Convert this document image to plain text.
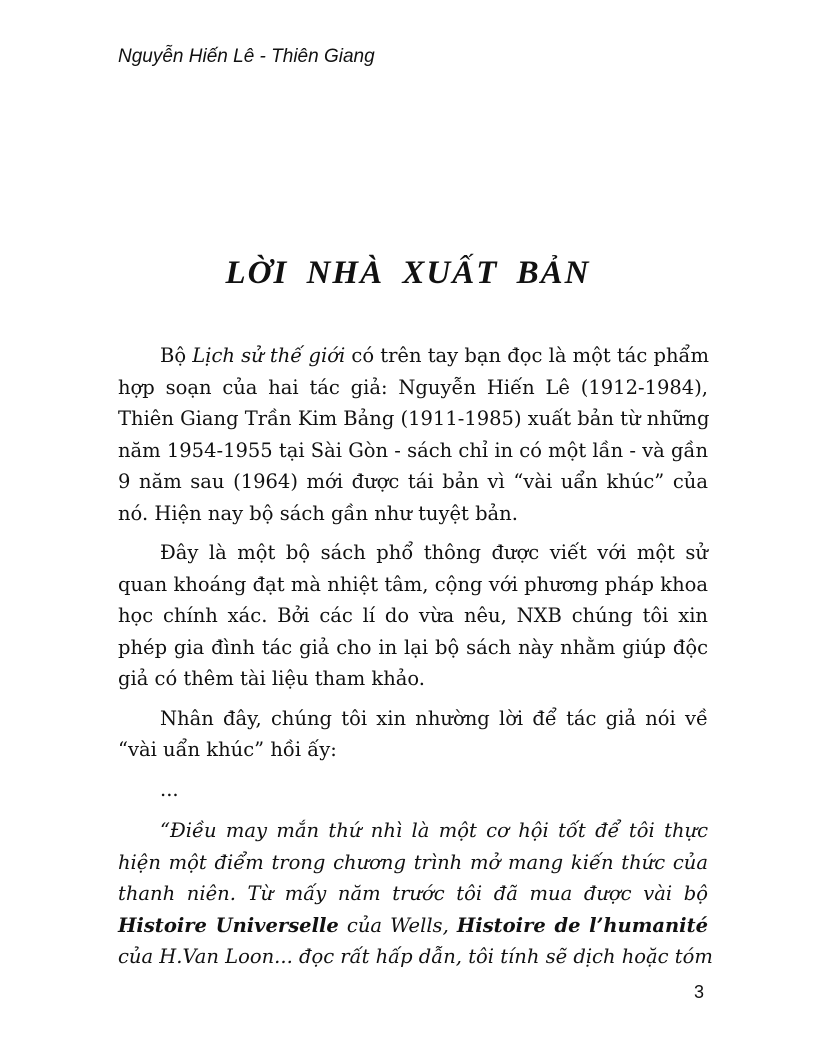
Nguyễn Hiến Lê - Thiên Giang
LỜI NHÀ XUẤT BẢN
Bộ Lịch sử thế giới có trên tay bạn đọc là một tác phẩm
hợp soạn của hai tác giả: Nguyễn Hiến Lê (1912-1984),
Thiên Giang Trần Kim Bảng (1911-1985) xuất bản từ những
năm 1954-1955 tại Sài Gòn - sách chỉ in có một lần - và gần
9 năm sau (1964) mới được tái bản vì “vài uẩn khúc” của
nó. Hiện nay bộ sách gần như tuyệt bản.
Đây là một bộ sách phổ thông được viết với một sử
quan khoáng đạt mà nhiệt tâm, cộng với phương pháp khoa
học chính xác. Bởi các lí do vừa nêu, NXB chúng tôi xin
phép gia đình tác giả cho in lại bộ sách này nhằm giúp độc
giả có thêm tài liệu tham khảo.
Nhân đây, chúng tôi xin nhường lời để tác giả nói về
“vài uẩn khúc” hồi ấy:
...
“Điều may mắn thứ nhì là một cơ hội tốt để tôi thực
hiện một điểm trong chương trình mở mang kiến thức của
thanh niên. Từ mấy năm trước tôi đã mua được vài bộ
Histoire Universelle của Wells, Histoire de l’humanité
của H.Van Loon... đọc rất hấp dẫn, tôi tính sẽ dịch hoặc tóm
3
